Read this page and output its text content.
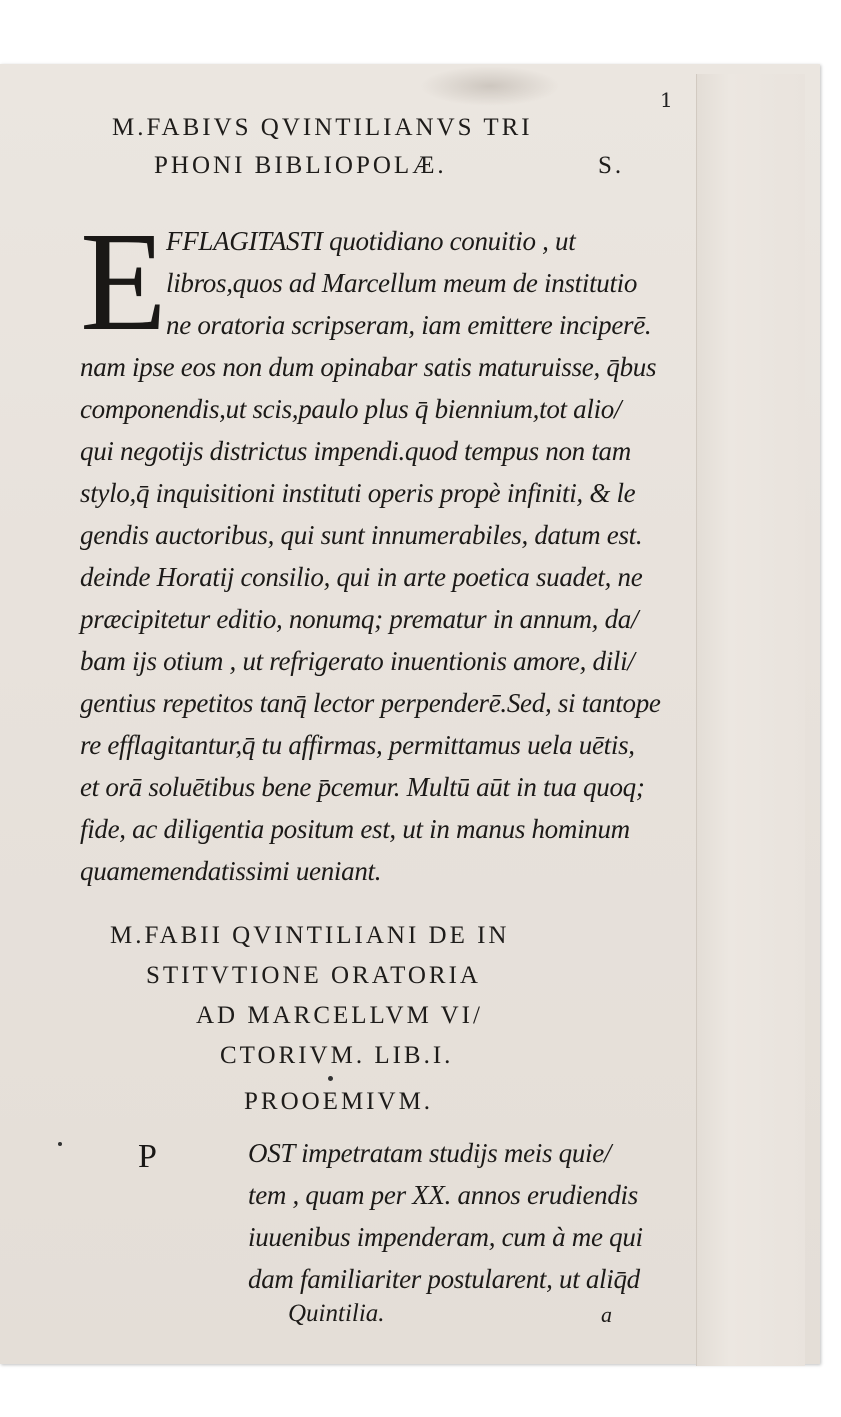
1
M.FABIVS QVINTILIANVS TRI
PHONI BIBLIOPOLÆ.	S.
E FFLAGITASTI quotidiano conuitio , ut
libros,quos ad Marcellum meum de institutio
ne oratoria scripseram, iam emittere inciperē.
nam ipse eos non dum opinabar satis maturuisse, q̄bus
componendis,ut scis,paulo plus q̄ biennium,tot alio/
qui negotijs districtus impendi.quod tempus non tam
stylo,q̄ inquisitioni instituti operis propè infiniti, & le
gendis auctoribus, qui sunt innumerabiles, datum est.
deinde Horatij consilio, qui in arte poetica suadet, ne
præcipitetur editio, nonumq; prematur in annum, da/
bam ijs otium , ut refrigerato inuentionis amore, dili/
gentius repetitos tanq̄ lector perpenderē.Sed, si tantope
re efflagitantur,q̄ tu affirmas, permittamus uela uētis,
et orā soluētibus bene p̄cemur. Multū aūt in tua quoq;
fide, ac diligentia positum est, ut in manus hominum
quamemendatissimi ueniant.
M.FABII QVINTILIANI DE IN
STITVTIONE ORATORIA
AD MARCELLVM VI/
CTORIVM. LIB.I.
PROOEMIVM.
P	OST impetratam studijs meis quie/
tem , quam per XX. annos erudiendis
iuuenibus impenderam, cum à me qui
dam familiariter postularent, ut aliq̄d
Quintilia.	a
